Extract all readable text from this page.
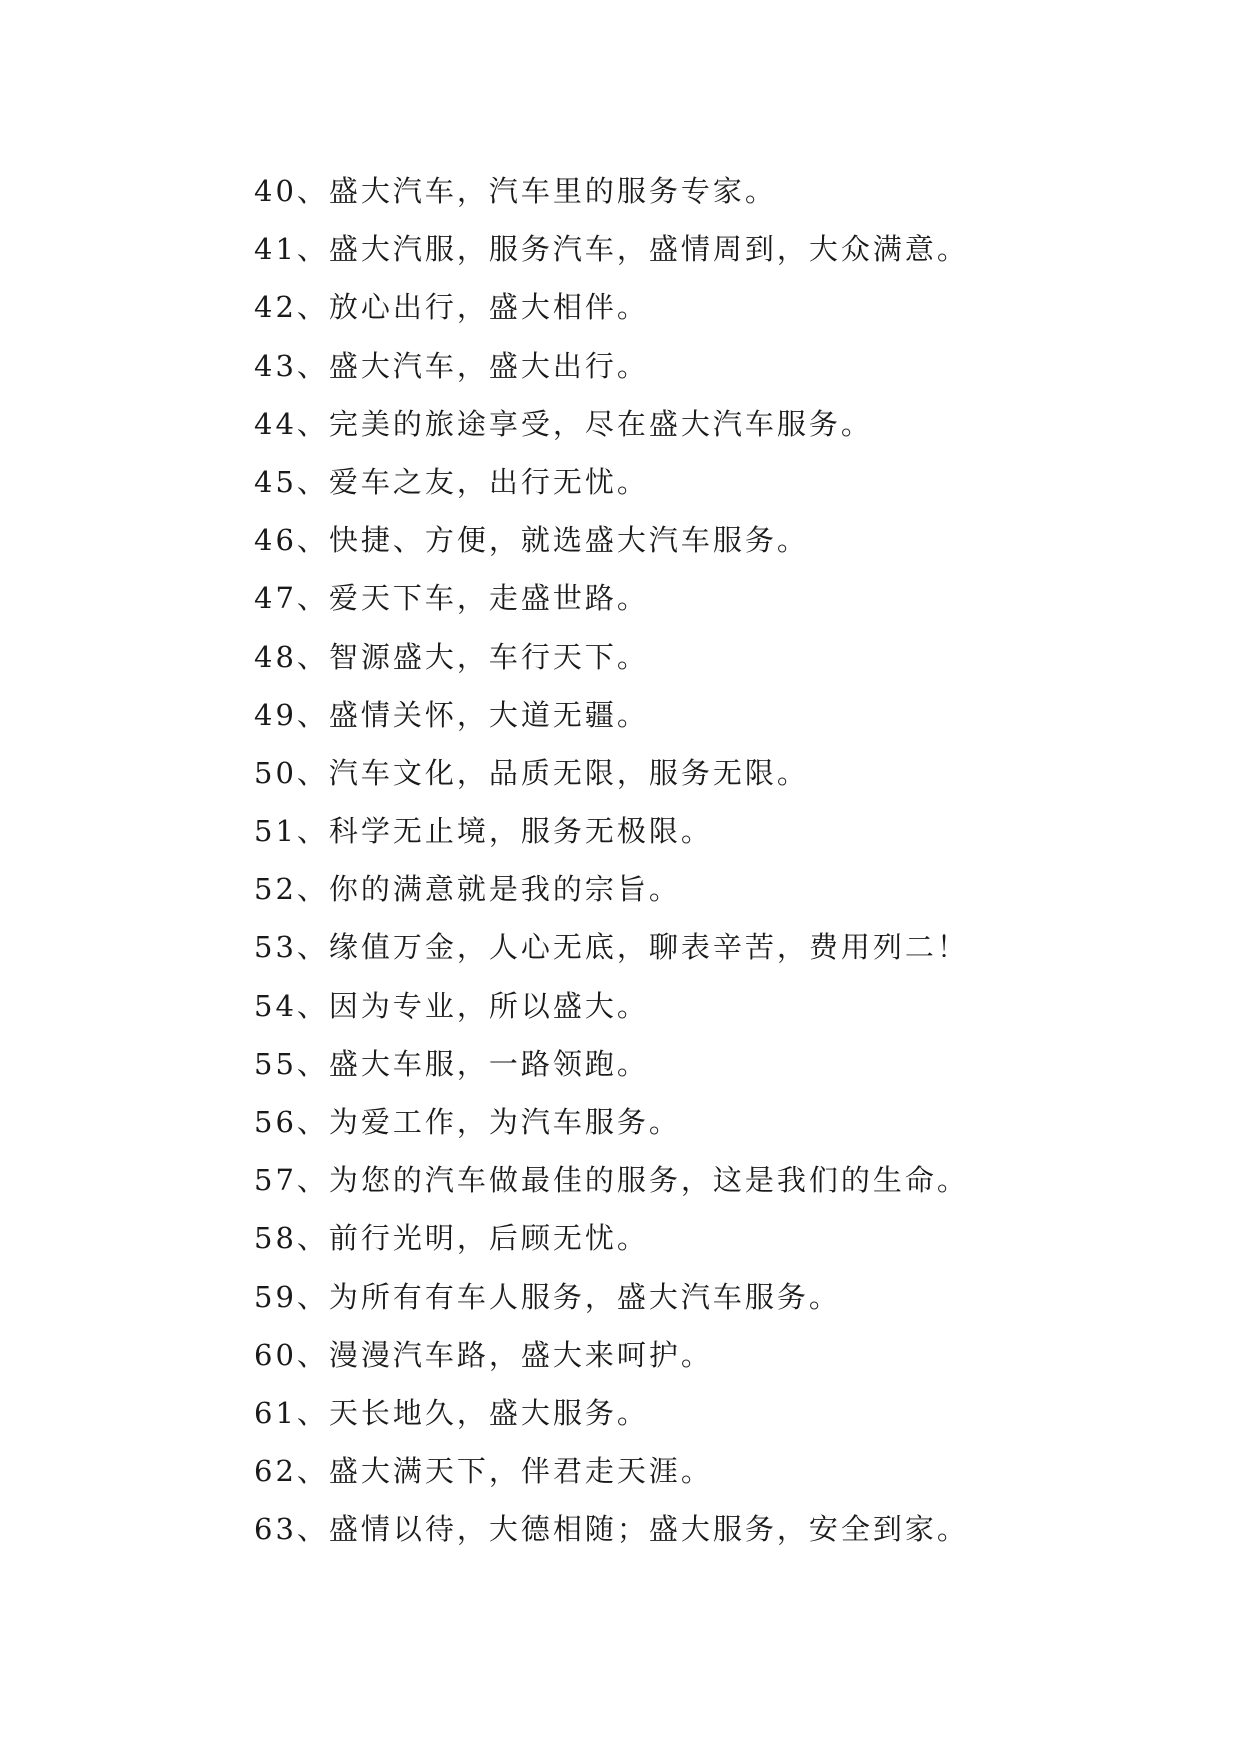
40、盛大汽车，汽车里的服务专家。
41、盛大汽服，服务汽车，盛情周到，大众满意。
42、放心出行，盛大相伴。
43、盛大汽车，盛大出行。
44、完美的旅途享受，尽在盛大汽车服务。
45、爱车之友，出行无忧。
46、快捷、方便，就选盛大汽车服务。
47、爱天下车，走盛世路。
48、智源盛大，车行天下。
49、盛情关怀，大道无疆。
50、汽车文化，品质无限，服务无限。
51、科学无止境，服务无极限。
52、你的满意就是我的宗旨。
53、缘值万金，人心无底，聊表辛苦，费用列二！
54、因为专业，所以盛大。
55、盛大车服，一路领跑。
56、为爱工作，为汽车服务。
57、为您的汽车做最佳的服务，这是我们的生命。
58、前行光明，后顾无忧。
59、为所有有车人服务，盛大汽车服务。
60、漫漫汽车路，盛大来呵护。
61、天长地久，盛大服务。
62、盛大满天下，伴君走天涯。
63、盛情以待，大德相随；盛大服务，安全到家。
